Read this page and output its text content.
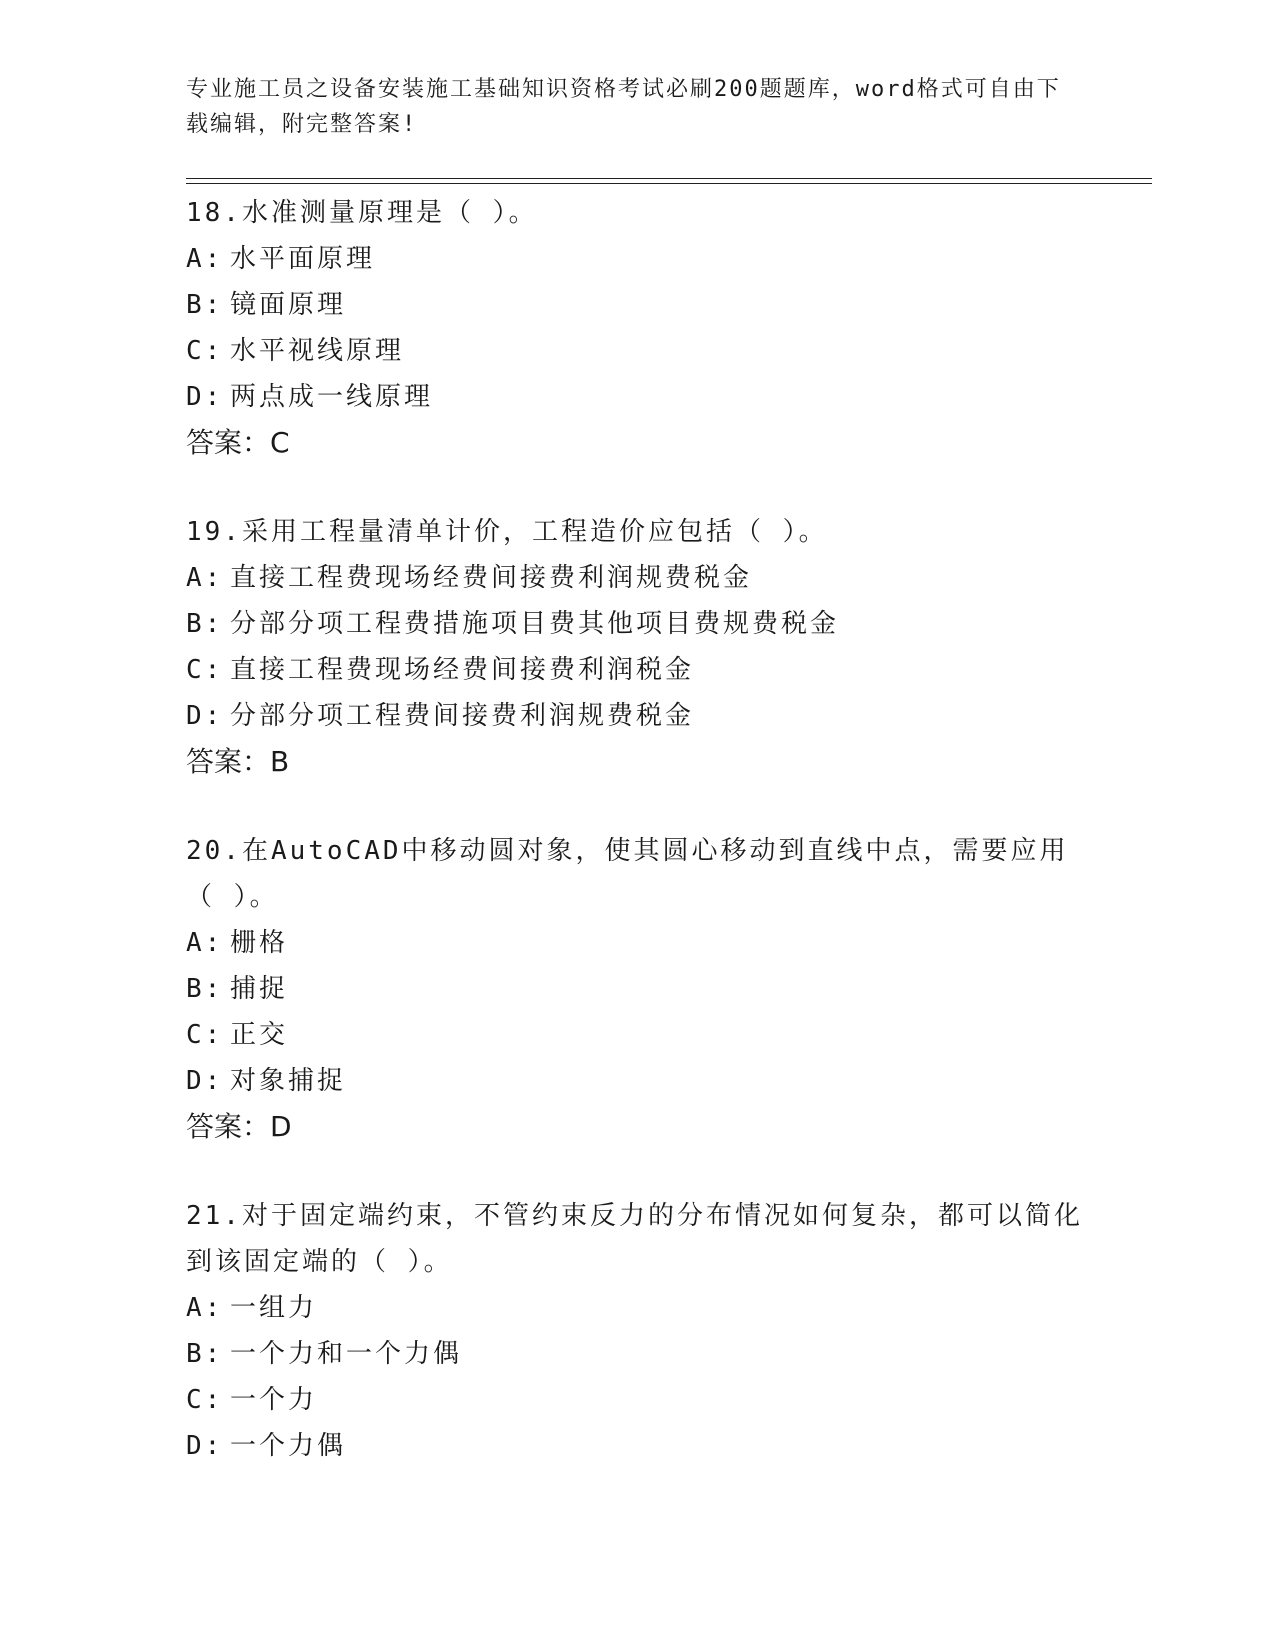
专业施工员之设备安装施工基础知识资格考试必刷200题题库，word格式可自由下载编辑，附完整答案!
18.水准测量原理是（ ）。
A: 水平面原理
B: 镜面原理
C: 水平视线原理
D: 两点成一线原理
答案：C
19.采用工程量清单计价，工程造价应包括（ ）。
A: 直接工程费现场经费间接费利润规费税金
B: 分部分项工程费措施项目费其他项目费规费税金
C: 直接工程费现场经费间接费利润税金
D: 分部分项工程费间接费利润规费税金
答案：B
20.在AutoCAD中移动圆对象，使其圆心移动到直线中点，需要应用（ ）。
A: 栅格
B: 捕捉
C: 正交
D: 对象捕捉
答案：D
21.对于固定端约束，不管约束反力的分布情况如何复杂，都可以简化到该固定端的（ ）。
A: 一组力
B: 一个力和一个力偶
C: 一个力
D: 一个力偶
